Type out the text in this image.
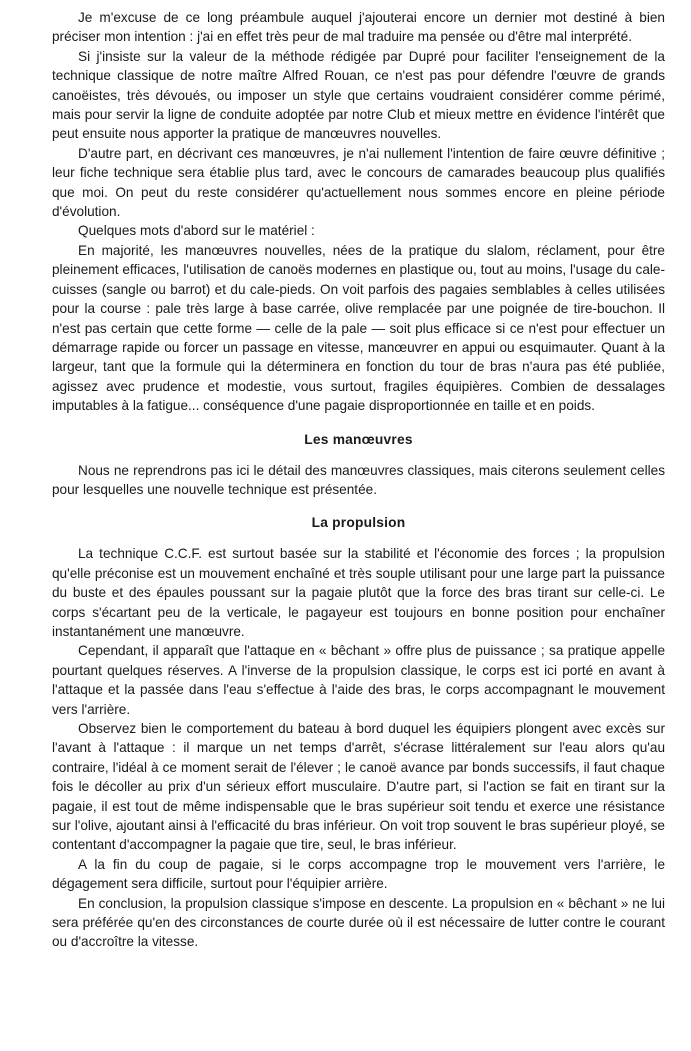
Je m'excuse de ce long préambule auquel j'ajouterai encore un dernier mot destiné à bien préciser mon intention : j'ai en effet très peur de mal traduire ma pensée ou d'être mal interprété.

Si j'insiste sur la valeur de la méthode rédigée par Dupré pour faciliter l'enseignement de la technique classique de notre maître Alfred Rouan, ce n'est pas pour défendre l'œuvre de grands canoëistes, très dévoués, ou imposer un style que certains voudraient considérer comme périmé, mais pour servir la ligne de conduite adoptée par notre Club et mieux mettre en évidence l'intérêt que peut ensuite nous apporter la pratique de manœuvres nouvelles.

D'autre part, en décrivant ces manœuvres, je n'ai nullement l'intention de faire œuvre définitive ; leur fiche technique sera établie plus tard, avec le concours de camarades beaucoup plus qualifiés que moi. On peut du reste considérer qu'actuellement nous sommes encore en pleine période d'évolution.

Quelques mots d'abord sur le matériel :

En majorité, les manœuvres nouvelles, nées de la pratique du slalom, réclament, pour être pleinement efficaces, l'utilisation de canoës modernes en plastique ou, tout au moins, l'usage du cale-cuisses (sangle ou barrot) et du cale-pieds. On voit parfois des pagaies semblables à celles utilisées pour la course : pale très large à base carrée, olive remplacée par une poignée de tire-bouchon. Il n'est pas certain que cette forme — celle de la pale — soit plus efficace si ce n'est pour effectuer un démarrage rapide ou forcer un passage en vitesse, manœuvrer en appui ou esquimauter. Quant à la largeur, tant que la formule qui la déterminera en fonction du tour de bras n'aura pas été publiée, agissez avec prudence et modestie, vous surtout, fragiles équipières. Combien de dessalages imputables à la fatigue... conséquence d'une pagaie disproportionnée en taille et en poids.

Les manœuvres

Nous ne reprendrons pas ici le détail des manœuvres classiques, mais citerons seulement celles pour lesquelles une nouvelle technique est présentée.

La propulsion

La technique C.C.F. est surtout basée sur la stabilité et l'économie des forces ; la propulsion qu'elle préconise est un mouvement enchaîné et très souple utilisant pour une large part la puissance du buste et des épaules poussant sur la pagaie plutôt que la force des bras tirant sur celle-ci. Le corps s'écartant peu de la verticale, le pagayeur est toujours en bonne position pour enchaîner instantanément une manœuvre.

Cependant, il apparaît que l'attaque en « bêchant » offre plus de puissance ; sa pratique appelle pourtant quelques réserves. A l'inverse de la propulsion classique, le corps est ici porté en avant à l'attaque et la passée dans l'eau s'effectue à l'aide des bras, le corps accompagnant le mouvement vers l'arrière.

Observez bien le comportement du bateau à bord duquel les équipiers plongent avec excès sur l'avant à l'attaque : il marque un net temps d'arrêt, s'écrase littéralement sur l'eau alors qu'au contraire, l'idéal à ce moment serait de l'élever ; le canoë avance par bonds successifs, il faut chaque fois le décoller au prix d'un sérieux effort musculaire. D'autre part, si l'action se fait en tirant sur la pagaie, il est tout de même indispensable que le bras supérieur soit tendu et exerce une résistance sur l'olive, ajoutant ainsi à l'efficacité du bras inférieur. On voit trop souvent le bras supérieur ployé, se contentant d'accompagner la pagaie que tire, seul, le bras inférieur.

A la fin du coup de pagaie, si le corps accompagne trop le mouvement vers l'arrière, le dégagement sera difficile, surtout pour l'équipier arrière.

En conclusion, la propulsion classique s'impose en descente. La propulsion en « bêchant » ne lui sera préférée qu'en des circonstances de courte durée où il est nécessaire de lutter contre le courant ou d'accroître la vitesse.
